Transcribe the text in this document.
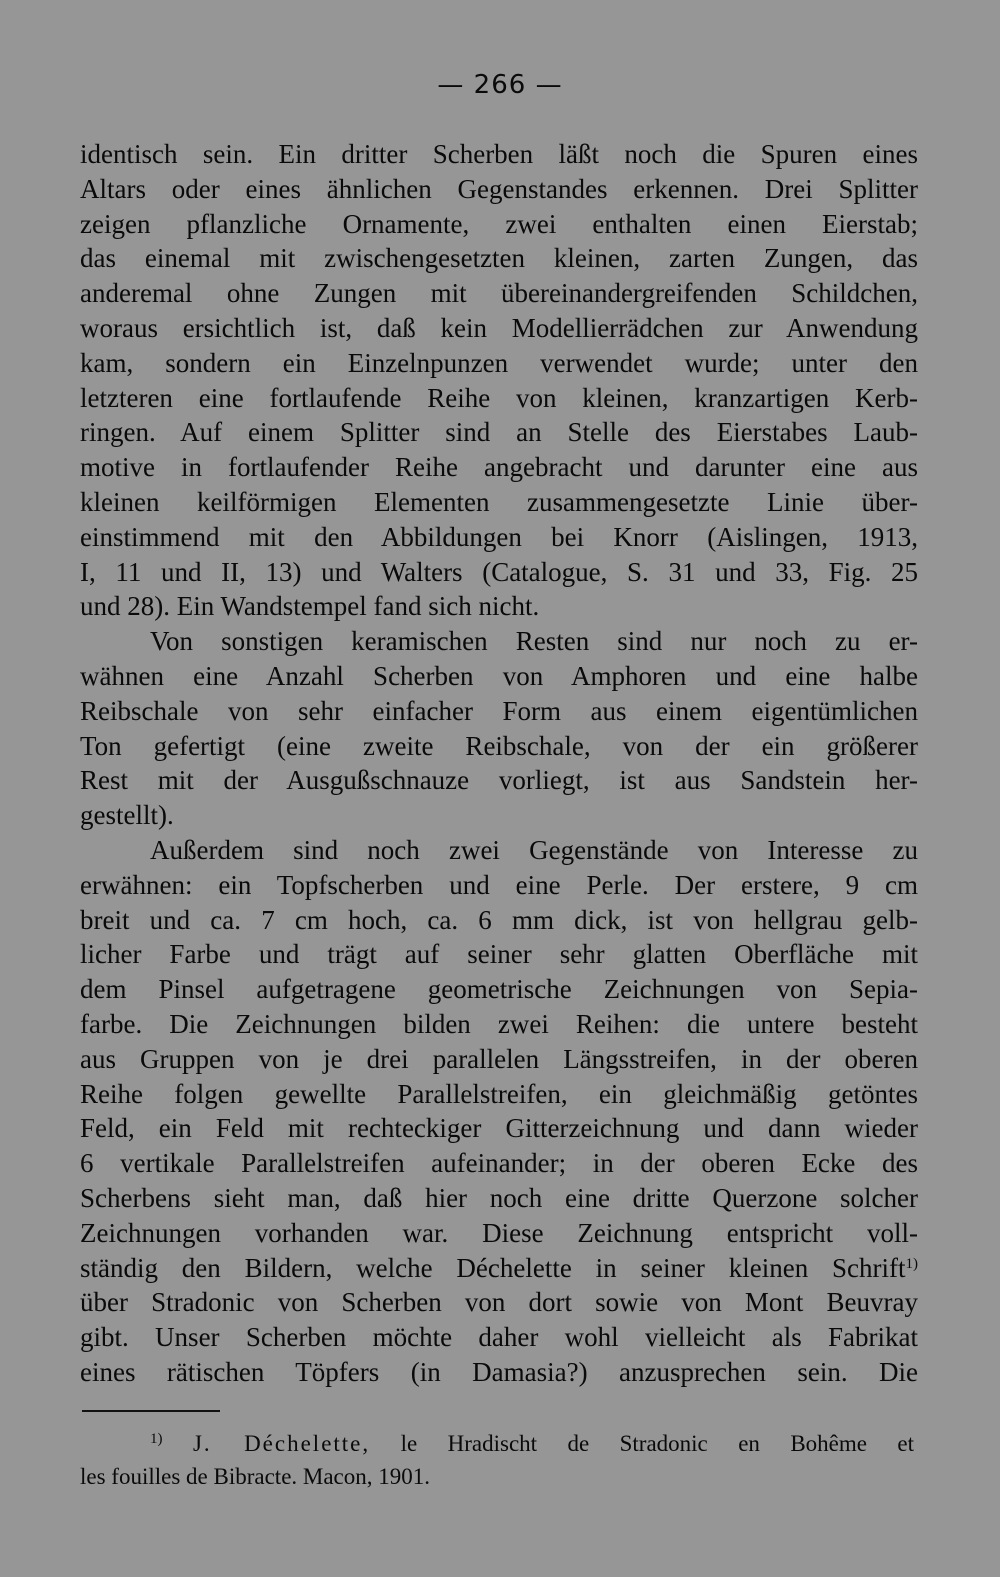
— 266 —
identisch sein. Ein dritter Scherben läßt noch die Spuren eines
Altars oder eines ähnlichen Gegenstandes erkennen. Drei Splitter
zeigen pflanzliche Ornamente, zwei enthalten einen Eierstab;
das einemal mit zwischengesetzten kleinen, zarten Zungen, das
anderemal ohne Zungen mit übereinandergreifenden Schildchen,
woraus ersichtlich ist, daß kein Modellierrädchen zur Anwendung
kam, sondern ein Einzelnpunzen verwendet wurde; unter den
letzteren eine fortlaufende Reihe von kleinen, kranzartigen Kerb-
ringen. Auf einem Splitter sind an Stelle des Eierstabes Laub-
motive in fortlaufender Reihe angebracht und darunter eine aus
kleinen keilförmigen Elementen zusammengesetzte Linie über-
einstimmend mit den Abbildungen bei Knorr (Aislingen, 1913,
I, 11 und II, 13) und Walters (Catalogue, S. 31 und 33, Fig. 25
und 28). Ein Wandstempel fand sich nicht.
Von sonstigen keramischen Resten sind nur noch zu er-
wähnen eine Anzahl Scherben von Amphoren und eine halbe
Reibschale von sehr einfacher Form aus einem eigentümlichen
Ton gefertigt (eine zweite Reibschale, von der ein größerer
Rest mit der Ausgußschnauze vorliegt, ist aus Sandstein her-
gestellt).
Außerdem sind noch zwei Gegenstände von Interesse zu
erwähnen: ein Topfscherben und eine Perle. Der erstere, 9 cm
breit und ca. 7 cm hoch, ca. 6 mm dick, ist von hellgrau gelb-
licher Farbe und trägt auf seiner sehr glatten Oberfläche mit
dem Pinsel aufgetragene geometrische Zeichnungen von Sepia-
farbe. Die Zeichnungen bilden zwei Reihen: die untere besteht
aus Gruppen von je drei parallelen Längsstreifen, in der oberen
Reihe folgen gewellte Parallelstreifen, ein gleichmäßig getöntes
Feld, ein Feld mit rechteckiger Gitterzeichnung und dann wieder
6 vertikale Parallelstreifen aufeinander; in der oberen Ecke des
Scherbens sieht man, daß hier noch eine dritte Querzone solcher
Zeichnungen vorhanden war. Diese Zeichnung entspricht voll-
ständig den Bildern, welche Déchelette in seiner kleinen Schrift$^{1)}$
über Stradonic von Scherben von dort sowie von Mont Beuvray
gibt. Unser Scherben möchte daher wohl vielleicht als Fabrikat
eines rätischen Töpfers (in Damasia?) anzusprechen sein. Die
$^{1)}$ J. Déchelette, le Hradischt de Stradonic en Bohême et
les fouilles de Bibracte. Macon, 1901.
